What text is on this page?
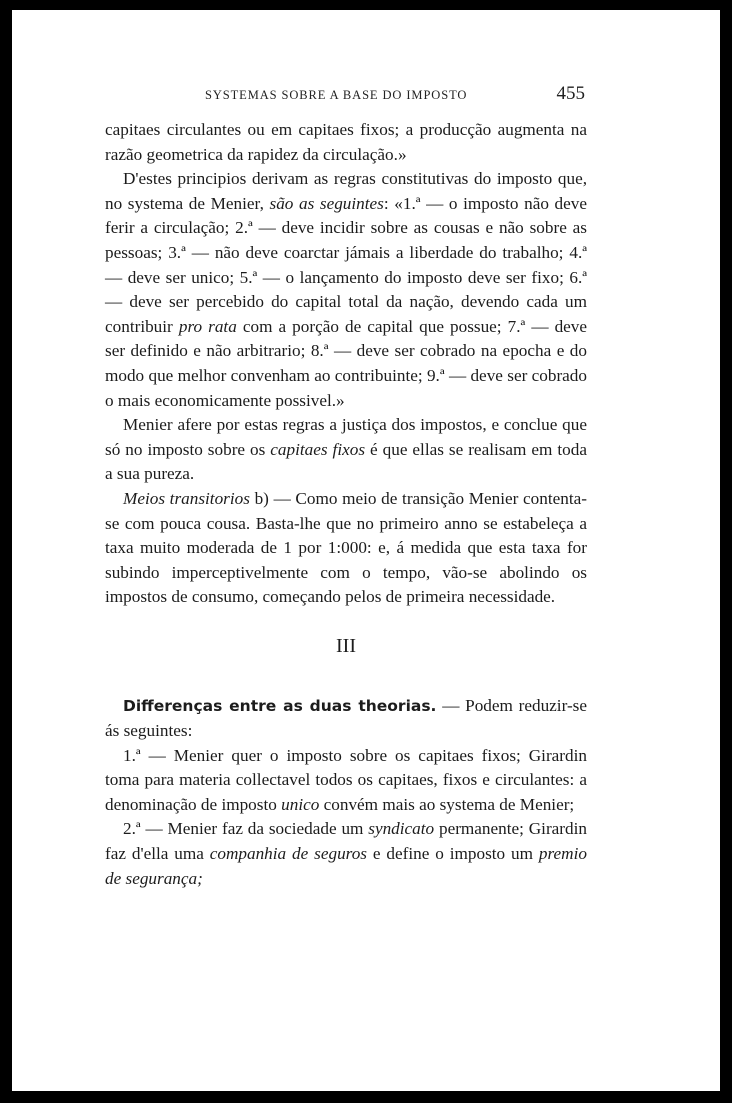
SYSTEMAS SOBRE A BASE DO IMPOSTO	455

capitaes circulantes ou em capitaes fixos; a producção augmenta na razão geometrica da rapidez da circulação.»

D'estes principios derivam as regras constitutivas do imposto que, no systema de Menier, são as seguintes: «1.ª — o imposto não deve ferir a circulação; 2.ª — deve incidir sobre as cousas e não sobre as pessoas; 3.ª — não deve coarctar jámais a liberdade do trabalho; 4.ª — deve ser unico; 5.ª — o lançamento do imposto deve ser fixo; 6.ª — deve ser percebido do capital total da nação, devendo cada um contribuir pro rata com a porção de capital que possue; 7.ª — deve ser definido e não arbitrario; 8.ª — deve ser cobrado na epocha e do modo que melhor convenham ao contribuinte; 9.ª — deve ser cobrado o mais economicamente possivel.»

Menier afere por estas regras a justiça dos impostos, e conclue que só no imposto sobre os capitaes fixos é que ellas se realisam em toda a sua pureza.

Meios transitorios b) — Como meio de transição Menier contenta-se com pouca cousa. Basta-lhe que no primeiro anno se estabeleça a taxa muito moderada de 1 por 1:000: e, á medida que esta taxa for subindo imperceptivelmente com o tempo, vão-se abolindo os impostos de consumo, começando pelos de primeira necessidade.

III

Differenças entre as duas theorias. — Podem reduzir-se ás seguintes:

1.ª — Menier quer o imposto sobre os capitaes fixos; Girardin toma para materia collectavel todos os capitaes, fixos e circulantes: a denominação de imposto unico convém mais ao systema de Menier;

2.ª — Menier faz da sociedade um syndicato permanente; Girardin faz d'ella uma companhia de seguros e define o imposto um premio de segurança;
